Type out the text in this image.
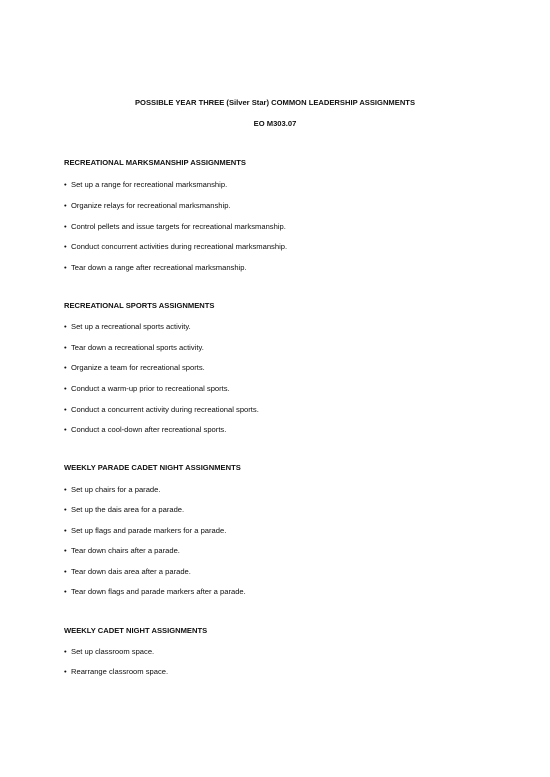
POSSIBLE YEAR THREE (Silver Star) COMMON LEADERSHIP ASSIGNMENTS
EO M303.07
RECREATIONAL MARKSMANSHIP ASSIGNMENTS
• Set up a range for recreational marksmanship.
• Organize relays for recreational marksmanship.
• Control pellets and issue targets for recreational marksmanship.
• Conduct concurrent activities during recreational marksmanship.
• Tear down a range after recreational marksmanship.
RECREATIONAL SPORTS ASSIGNMENTS
• Set up a recreational sports activity.
• Tear down a recreational sports activity.
• Organize a team for recreational sports.
• Conduct a warm-up prior to recreational sports.
• Conduct a concurrent activity during recreational sports.
• Conduct a cool-down after recreational sports.
WEEKLY PARADE CADET NIGHT ASSIGNMENTS
• Set up chairs for a parade.
• Set up the dais area for a parade.
• Set up flags and parade markers for a parade.
• Tear down chairs after a parade.
• Tear down dais area after a parade.
• Tear down flags and parade markers after a parade.
WEEKLY CADET NIGHT ASSIGNMENTS
• Set up classroom space.
• Rearrange classroom space.
